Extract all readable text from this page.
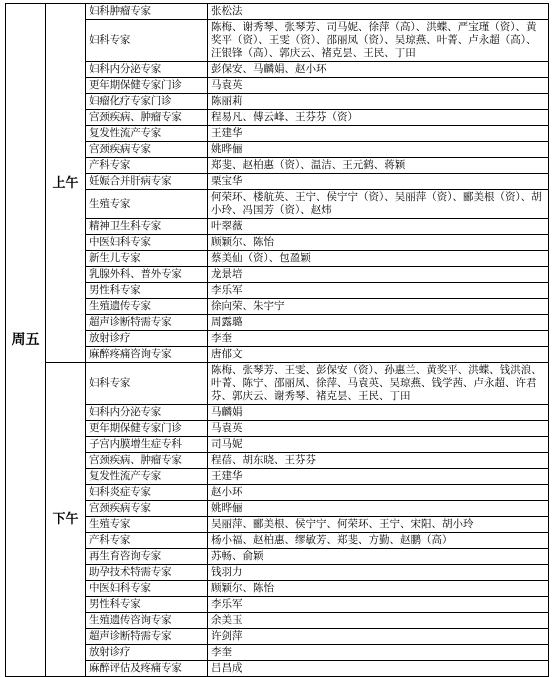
周五	上午	妇科肿瘤专家	张松法
		妇科专家	陈梅、谢秀琴、张琴芳、司马妮、徐萍（高）、洪蝶、严宝瑾（资）、黄奖平（资）、王雯（资）、邵丽凤（资）、吴琼燕、叶菁、卢永超（高）、汪银锋（高）、郭庆云、褚克昙、王民、丁田
		妇科内分泌专家	彭保安、马麟娟、赵小环
		更年期保健专家门诊	马袁英
		妇瘤化疗专家门诊	陈丽莉
		宫颈疾病、肿瘤专家	程易凡、傅云峰、王芬芬（资）
		复发性流产专家	王建华
		宫颈疾病专家	姚晔俪
		产科专家	郑斐、赵柏惠（资）、温洁、王元鹤、蒋颖
		妊娠合并肝病专家	栗宝华
		生殖专家	何荣环、楼航英、王宁、侯宁宁（资）、吴丽萍（资）、郦美根（资）、胡小玲、冯国芳（资）、赵炜
		精神卫生科专家	叶翠薇
		中医妇科专家	顾颖尔、陈怡
		新生儿专家	蔡美仙（资）、包盈颖
		乳腺外科、普外专家	龙景培
		男性科专家	李乐军
		生殖遗传专家	徐向荣、朱宇宁
		超声诊断特需专家	周露璐
		放射诊疗	李奎
		麻醉疼痛咨询专家	唐郁文
	下午	妇科专家	陈梅、张琴芳、王雯、彭保安（资）、孙惠兰、黄奖平、洪蝶、钱洪浪、叶菁、陈宁、邵丽凤、徐萍、马袁英、吴琼燕、钱学茜、卢永超、许君芬、郭庆云、谢秀琴、褚克昙、王民、丁田
		妇科内分泌专家	马麟娟
		更年期保健专家门诊	马袁英
		子宫内膜增生症专科	司马妮
		宫颈疾病、肿瘤专家	程蓓、胡东晓、王芬芬
		复发性流产专家	王建华
		妇科炎症专家	赵小环
		宫颈疾病专家	姚晔俪
		生殖专家	吴丽萍、郦美根、侯宁宁、何荣环、王宁、宋阳、胡小玲
		产科专家	杨小福、赵柏惠、缪敏芳、郑斐、方勤、赵鹏（高）
		再生育咨询专家	苏畅、俞颖
		助孕技术特需专家	钱羽力
		中医妇科专家	顾颖尔、陈怡
		男性科专家	李乐军
		生殖遗传咨询专家	余美玉
		超声诊断特需专家	许剑萍
		放射诊疗	李奎
		麻醉评估及疼痛专家	吕昌成
